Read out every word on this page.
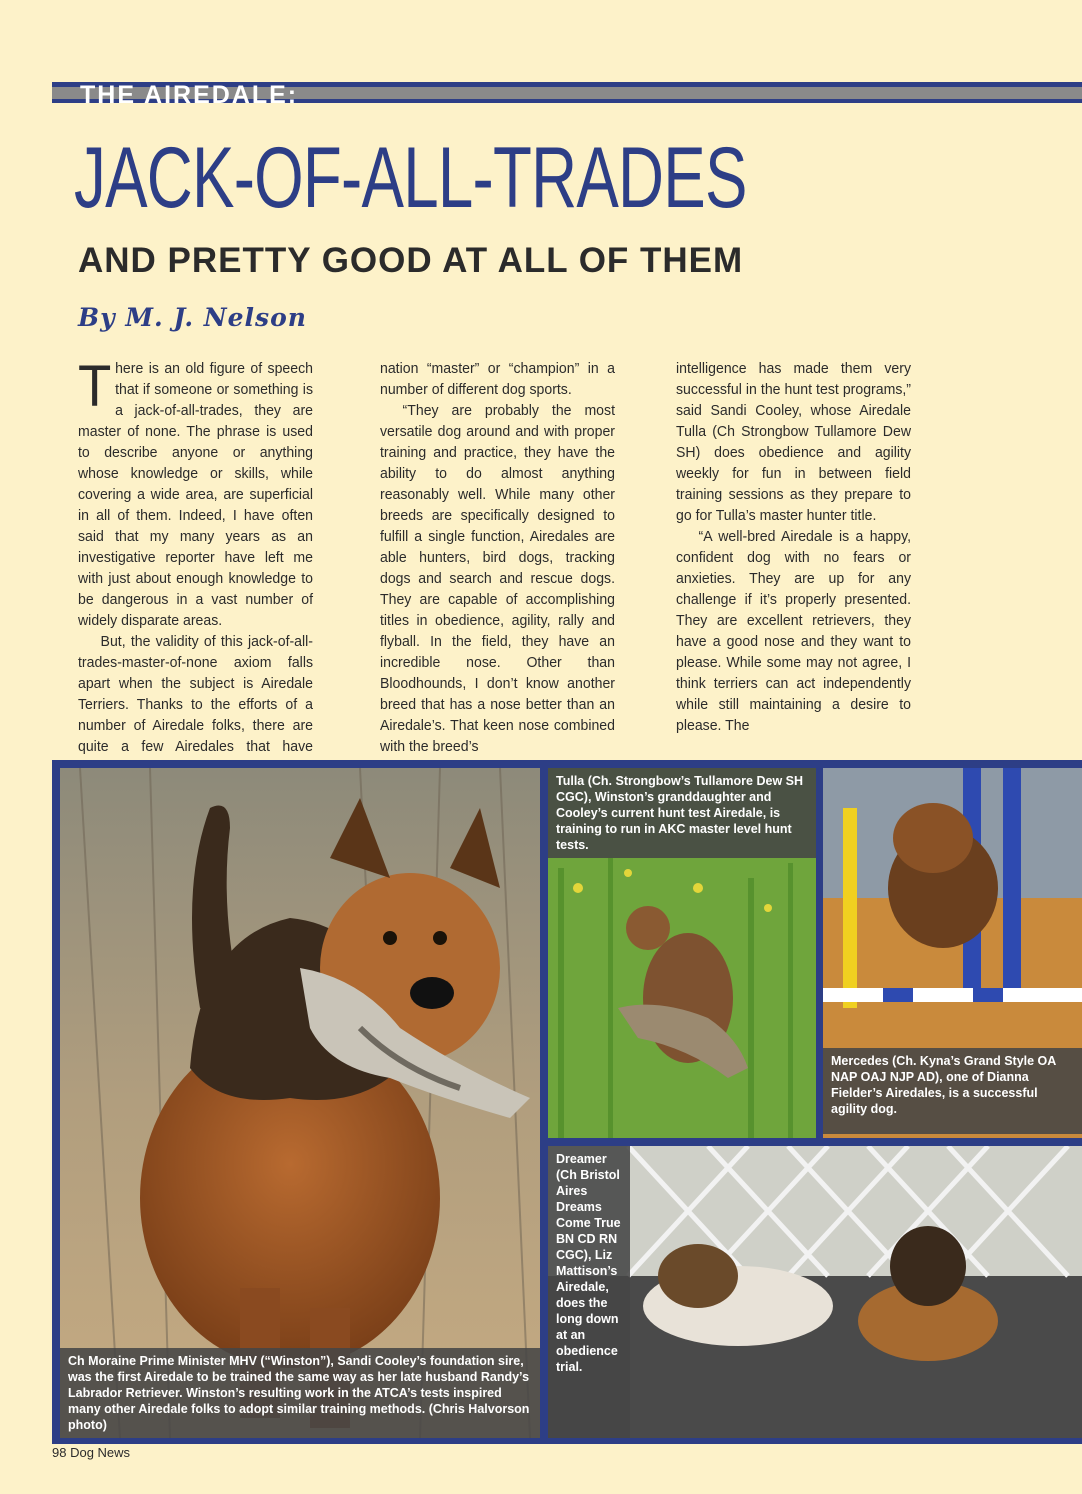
THE AIREDALE:
JACK-OF-ALL-TRADES
AND PRETTY GOOD AT ALL OF THEM

By M. J. Nelson

There is an old figure of speech that if someone or something is a jack-of-all-trades, they are master of none. The phrase is used to describe anyone or anything whose knowledge or skills, while covering a wide area, are superficial in all of them. Indeed, I have often said that my many years as an investigative reporter have left me with just about enough knowledge to be dangerous in a vast number of widely disparate areas.

But, the validity of this jack-of-all-trades-master-of-none axiom falls apart when the subject is Airedale Terriers. Thanks to the efforts of a number of Airedale folks, there are quite a few Airedales that have

nation “master” or “champion” in a number of different dog sports.

“They are probably the most versatile dog around and with proper training and practice, they have the ability to do almost anything reasonably well. While many other breeds are specifically designed to fulfill a single function, Airedales are able hunters, bird dogs, tracking dogs and search and rescue dogs. They are capable of accomplishing titles in obedience, agility, rally and flyball. In the field, they have an incredible nose. Other than Bloodhounds, I don’t know another breed that has a nose better than an Airedale’s. That keen nose combined with the breed’s

intelligence has made them very successful in the hunt test programs,” said Sandi Cooley, whose Airedale Tulla (Ch Strongbow Tullamore Dew SH) does obedience and agility weekly for fun in between field training sessions as they prepare to go for Tulla’s master hunter title.

“A well-bred Airedale is a happy, confident dog with no fears or anxieties. They are up for any challenge if it’s properly presented. They are excellent retrievers, they have a good nose and they want to please. While some may not agree, I think terriers can act independently while still maintaining a desire to please. The

Ch Moraine Prime Minister MHV (“Winston”), Sandi Cooley’s foundation sire, was the first Airedale to be trained the same way as her late husband Randy’s Labrador Retriever. Winston’s resulting work in the ATCA’s tests inspired many other Airedale folks to adopt similar training methods. (Chris Halvorson photo)
Tulla (Ch. Strongbow’s Tullamore Dew SH CGC), Winston’s granddaughter and Cooley’s current hunt test Airedale, is training to run in AKC master level hunt tests.
Mercedes (Ch. Kyna’s Grand Style OA NAP OAJ NJP AD), one of Dianna Fielder’s Airedales, is a successful agility dog.
Dreamer (Ch Bristol Aires Dreams Come True BN CD RN CGC), Liz Mattison’s Airedale, does the long down at an obedience trial.

98 Dog News
